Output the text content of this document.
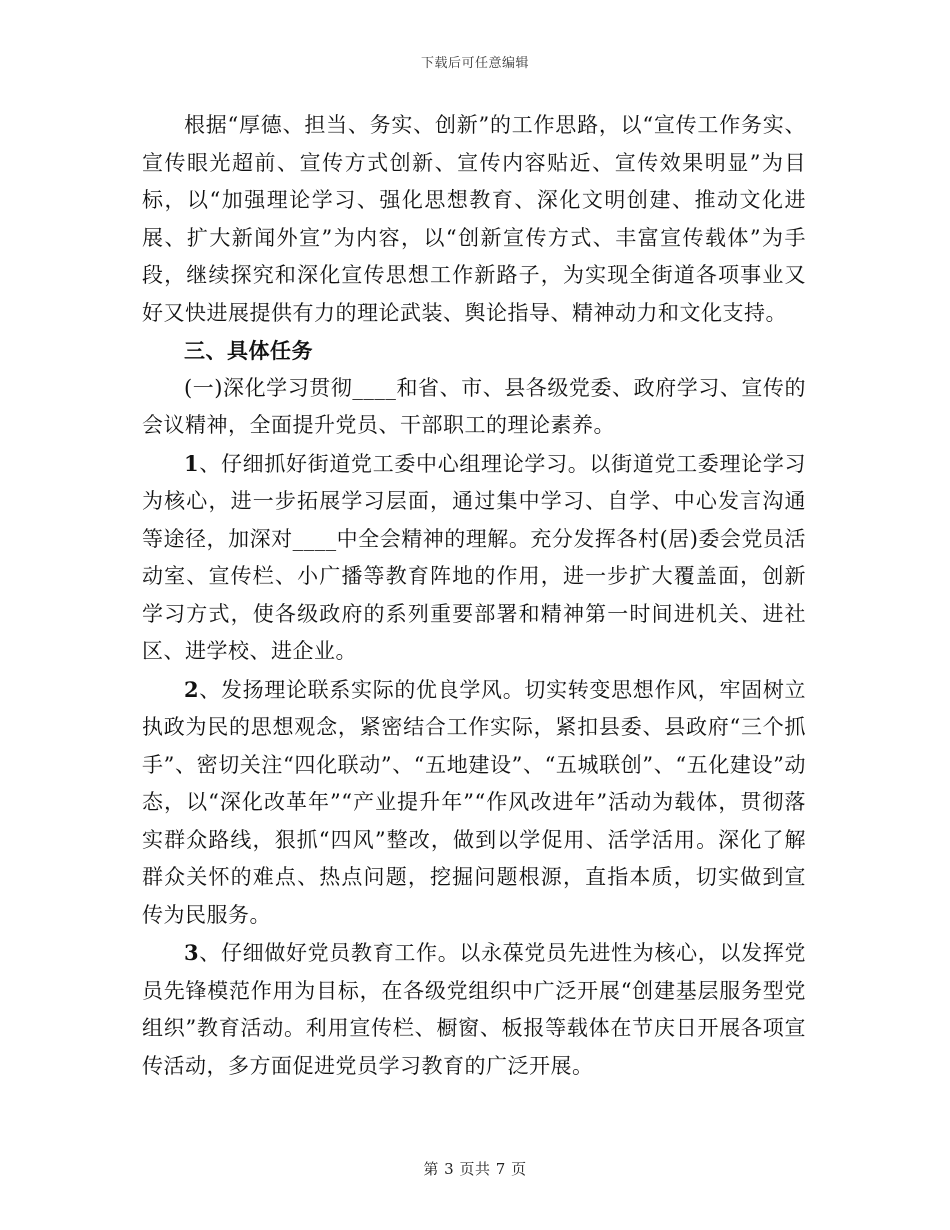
下载后可任意编辑

根据“厚德、担当、务实、创新”的工作思路，以“宣传工作务实、宣传眼光超前、宣传方式创新、宣传内容贴近、宣传效果明显”为目标，以“加强理论学习、强化思想教育、深化文明创建、推动文化进展、扩大新闻外宣”为内容，以“创新宣传方式、丰富宣传载体”为手段，继续探究和深化宣传思想工作新路子，为实现全街道各项事业又好又快进展提供有力的理论武装、舆论指导、精神动力和文化支持。

三、具体任务

(一)深化学习贯彻____和省、市、县各级党委、政府学习、宣传的会议精神，全面提升党员、干部职工的理论素养。

1、仔细抓好街道党工委中心组理论学习。以街道党工委理论学习为核心，进一步拓展学习层面，通过集中学习、自学、中心发言沟通等途径，加深对____中全会精神的理解。充分发挥各村(居)委会党员活动室、宣传栏、小广播等教育阵地的作用，进一步扩大覆盖面，创新学习方式，使各级政府的系列重要部署和精神第一时间进机关、进社区、进学校、进企业。

2、发扬理论联系实际的优良学风。切实转变思想作风，牢固树立执政为民的思想观念，紧密结合工作实际，紧扣县委、县政府“三个抓手”、密切关注“四化联动”、“五地建设”、“五城联创”、“五化建设”动态，以“深化改革年”“产业提升年”“作风改进年”活动为载体，贯彻落实群众路线，狠抓“四风”整改，做到以学促用、活学活用。深化了解群众关怀的难点、热点问题，挖掘问题根源，直指本质，切实做到宣传为民服务。

3、仔细做好党员教育工作。以永葆党员先进性为核心，以发挥党员先锋模范作用为目标，在各级党组织中广泛开展“创建基层服务型党组织”教育活动。利用宣传栏、橱窗、板报等载体在节庆日开展各项宣传活动，多方面促进党员学习教育的广泛开展。

第 3 页共 7 页
